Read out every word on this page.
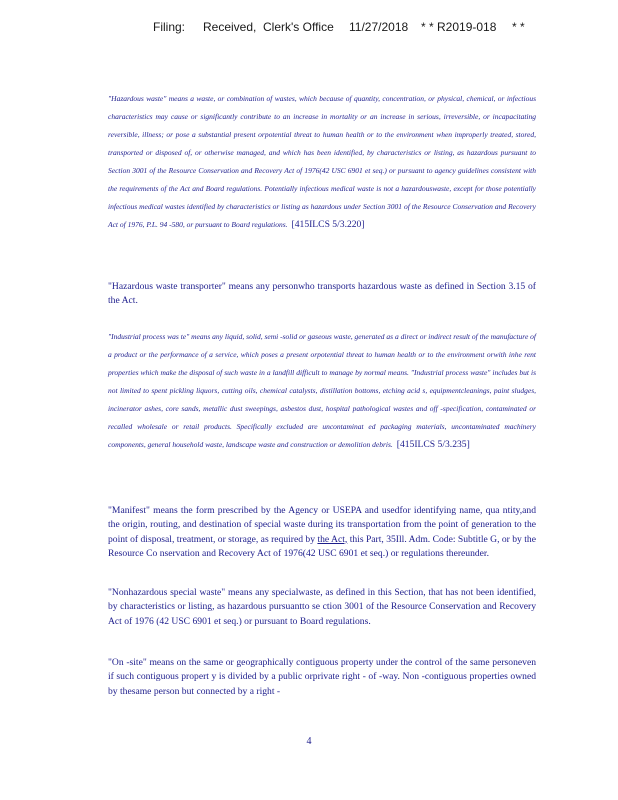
Filing: Received, Clerk's Office 11/27/2018 * * R2019-018 * *
"Hazardous waste" means a waste, or combination of wastes, which because of quantity, concentration, or physical, chemical, or infectious characteristics may cause or significantly contribute to an increase in mortality or an increase in serious, irreversible, or incapacitating reversible, illness; or pose a substantial present orpotential threat to human health or to the environment when improperly treated, stored, transported or disposed of, or otherwise managed, and which has been identified, by characteristics or listing, as hazardous pursuant to Section 3001 of the Resource Conservation and Recovery Act of 1976(42 USC 6901 et seq.) or pursuant to agency guidelines consistent with the requirements of the Act and Board regulations. Potentially infectious medical waste is not a hazardouswaste, except for those potentially infectious medical wastes identified by characteristics or listing as hazardous under Section 3001 of the Resource Conservation and Recovery Act of 1976, P.L. 94 -580, or pursuant to Board regulations. [415ILCS 5/3.220]
"Hazardous waste transporter" means any personwho transports hazardous waste as defined in Section 3.15 of the Act.
"Industrial process was te" means any liquid, solid, semi -solid or gaseous waste, generated as a direct or indirect result of the manufacture of a product or the performance of a service, which poses a present orpotential threat to human health or to the environment orwith inhe rent properties which make the disposal of such waste in a landfill difficult to manage by normal means. "Industrial process waste" includes but is not limited to spent pickling liquors, cutting oils, chemical catalysts, distillation bottoms, etching acid s, equipmentcleanings, paint sludges, incinerator ashes, core sands, metallic dust sweepings, asbestos dust, hospital pathological wastes and off -specification, contaminated or recalled wholesale or retail products. Specifically excluded are uncontaminat ed packaging materials, uncontaminated machinery components, general household waste, landscape waste and construction or demolition debris. [415ILCS 5/3.235]
"Manifest" means the form prescribed by the Agency or USEPA and usedfor identifying name, qua ntity,and the origin, routing, and destination of special waste during its transportation from the point of generation to the point of disposal, treatment, or storage, as required by the Act, this Part, 35Ill. Adm. Code: Subtitle G, or by the Resource Co nservation and Recovery Act of 1976(42 USC 6901 et seq.) or regulations thereunder.
"Nonhazardous special waste" means any specialwaste, as defined in this Section, that has not been identified, by characteristics or listing, as hazardous pursuantto se ction 3001 of the Resource Conservation and Recovery Act of 1976 (42 USC 6901 et seq.) or pursuant to Board regulations.
"On -site" means on the same or geographically contiguous property under the control of the same personeven if such contiguous propert y is divided by a public orprivate right - of -way. Non -contiguous properties owned by thesame person but connected by a right -
4
